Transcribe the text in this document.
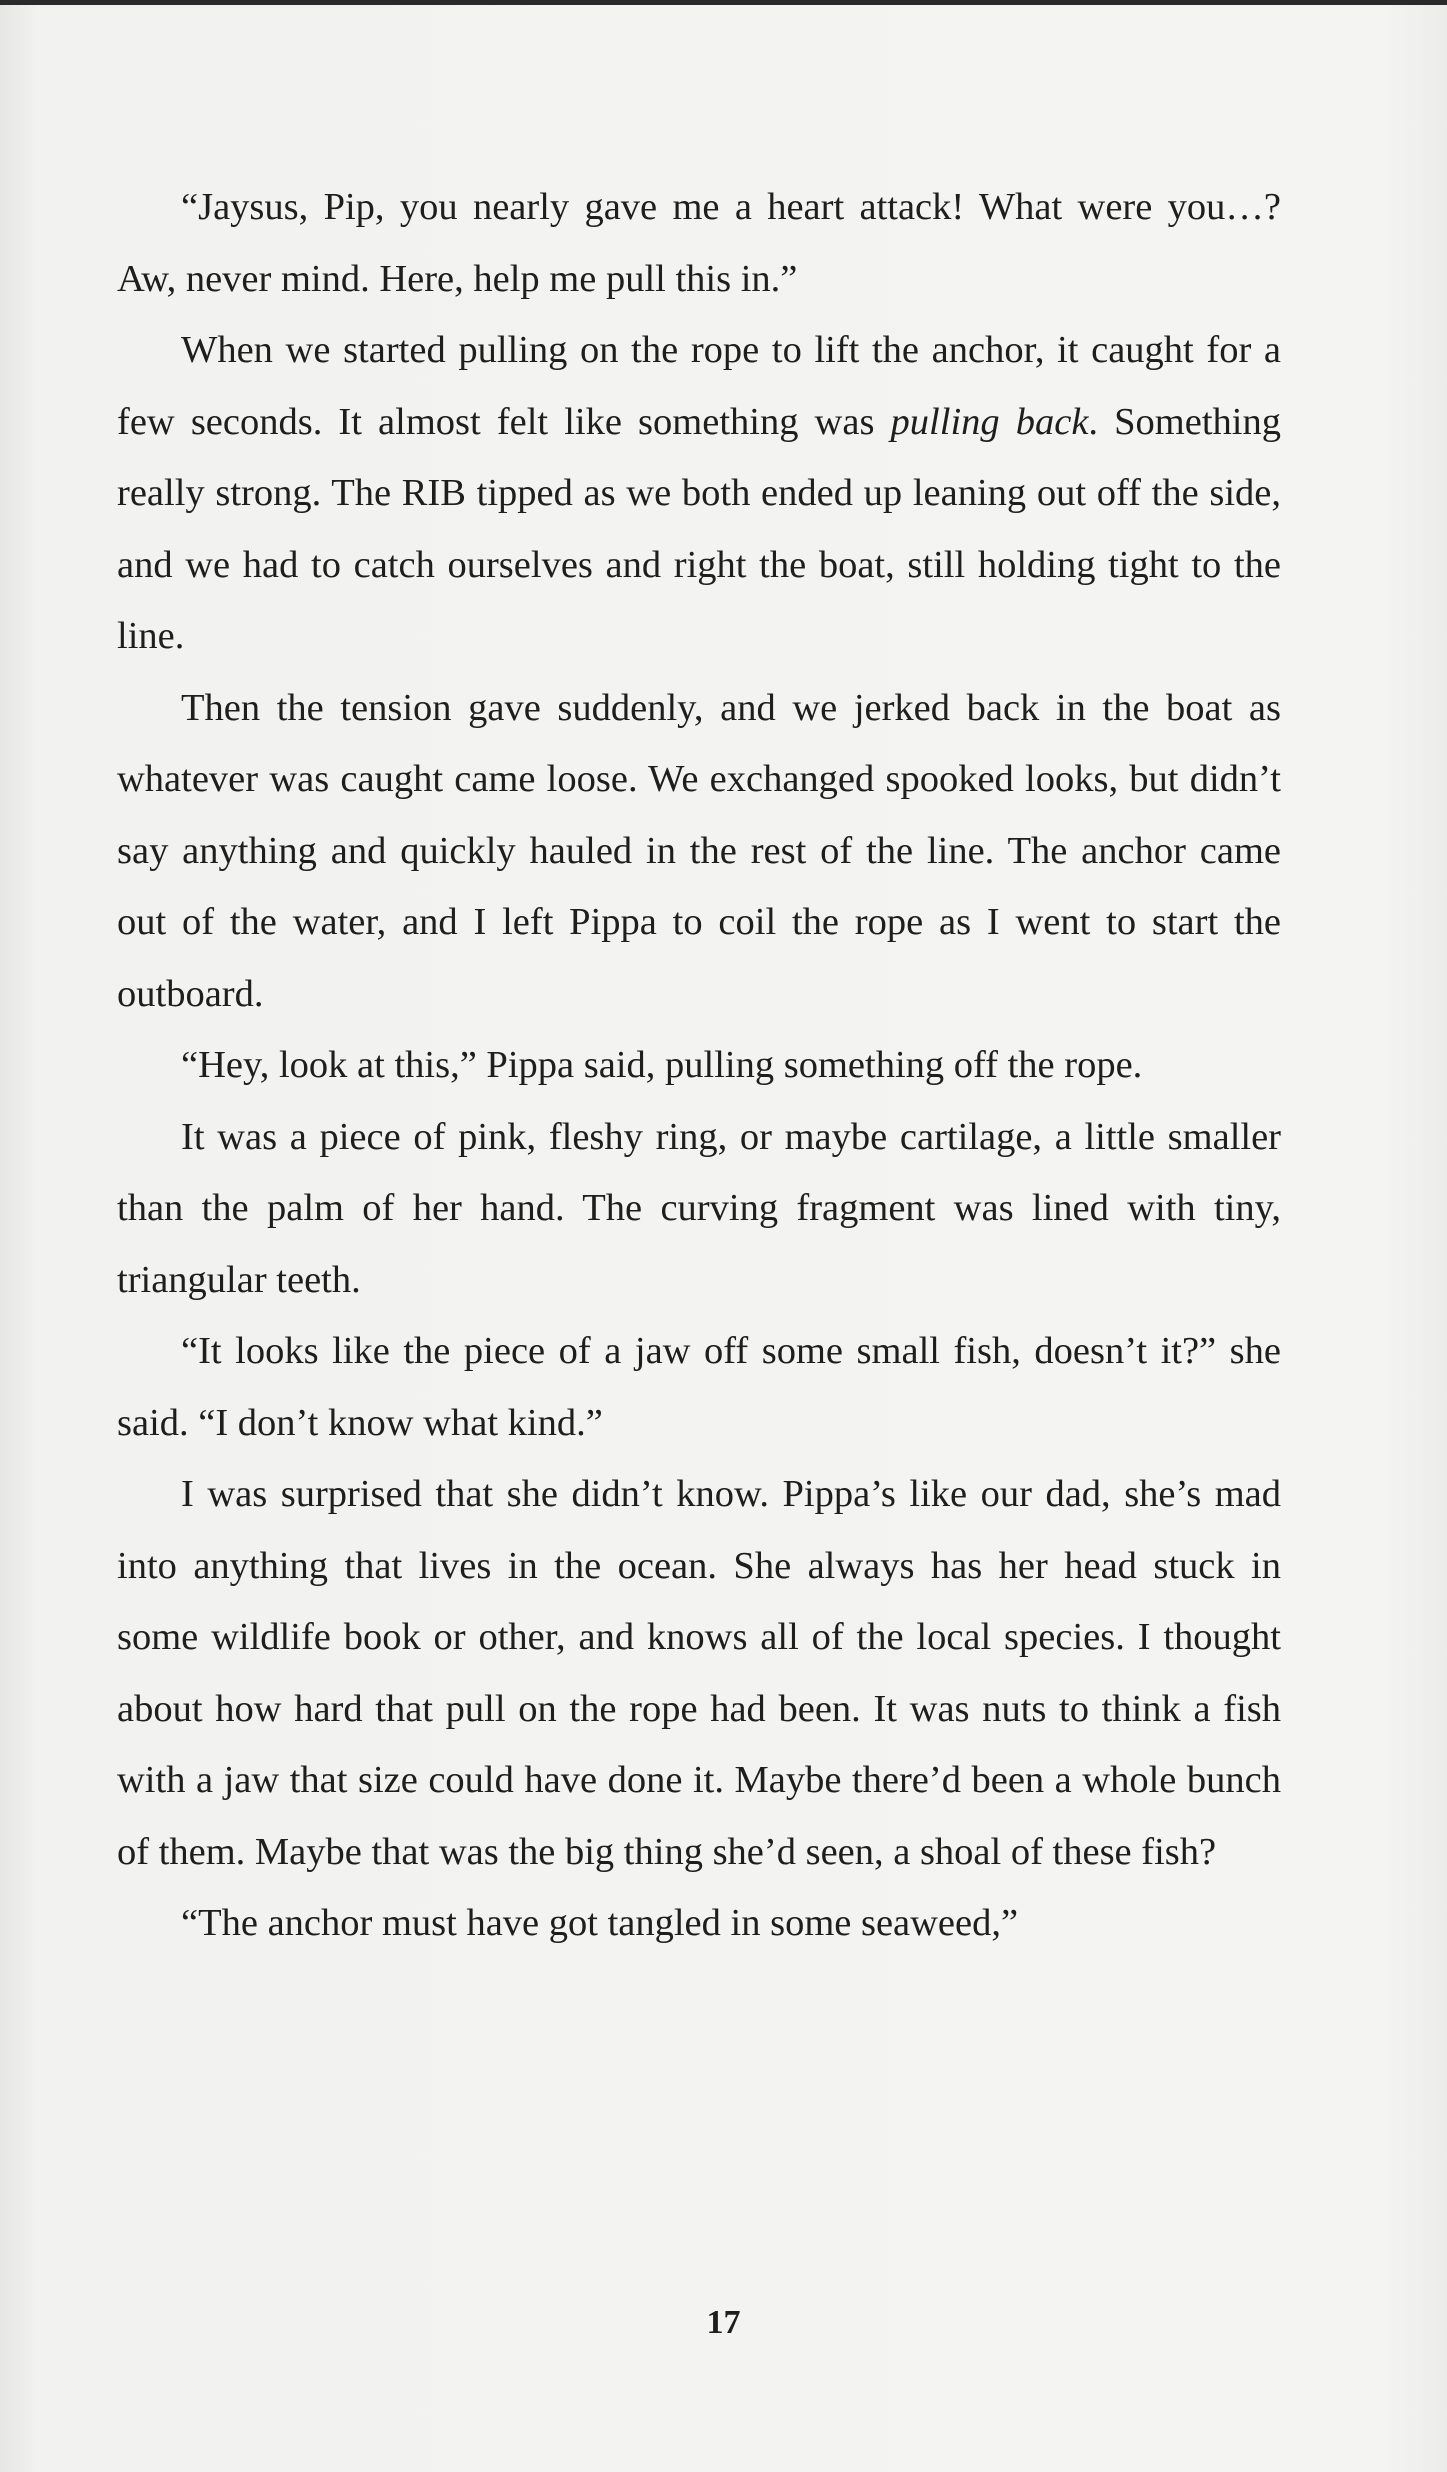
“Jaysus, Pip, you nearly gave me a heart attack! What were you…? Aw, never mind. Here, help me pull this in.”

When we started pulling on the rope to lift the anchor, it caught for a few seconds. It almost felt like something was pulling back. Something really strong. The RIB tipped as we both ended up leaning out off the side, and we had to catch ourselves and right the boat, still holding tight to the line.

Then the tension gave suddenly, and we jerked back in the boat as whatever was caught came loose. We exchanged spooked looks, but didn’t say anything and quickly hauled in the rest of the line. The anchor came out of the water, and I left Pippa to coil the rope as I went to start the outboard.

“Hey, look at this,” Pippa said, pulling something off the rope.

It was a piece of pink, fleshy ring, or maybe cartilage, a little smaller than the palm of her hand. The curving fragment was lined with tiny, triangular teeth.

“It looks like the piece of a jaw off some small fish, doesn’t it?” she said. “I don’t know what kind.”

I was surprised that she didn’t know. Pippa’s like our dad, she’s mad into anything that lives in the ocean. She always has her head stuck in some wildlife book or other, and knows all of the local species. I thought about how hard that pull on the rope had been. It was nuts to think a fish with a jaw that size could have done it. Maybe there’d been a whole bunch of them. Maybe that was the big thing she’d seen, a shoal of these fish?

“The anchor must have got tangled in some seaweed,”

17
